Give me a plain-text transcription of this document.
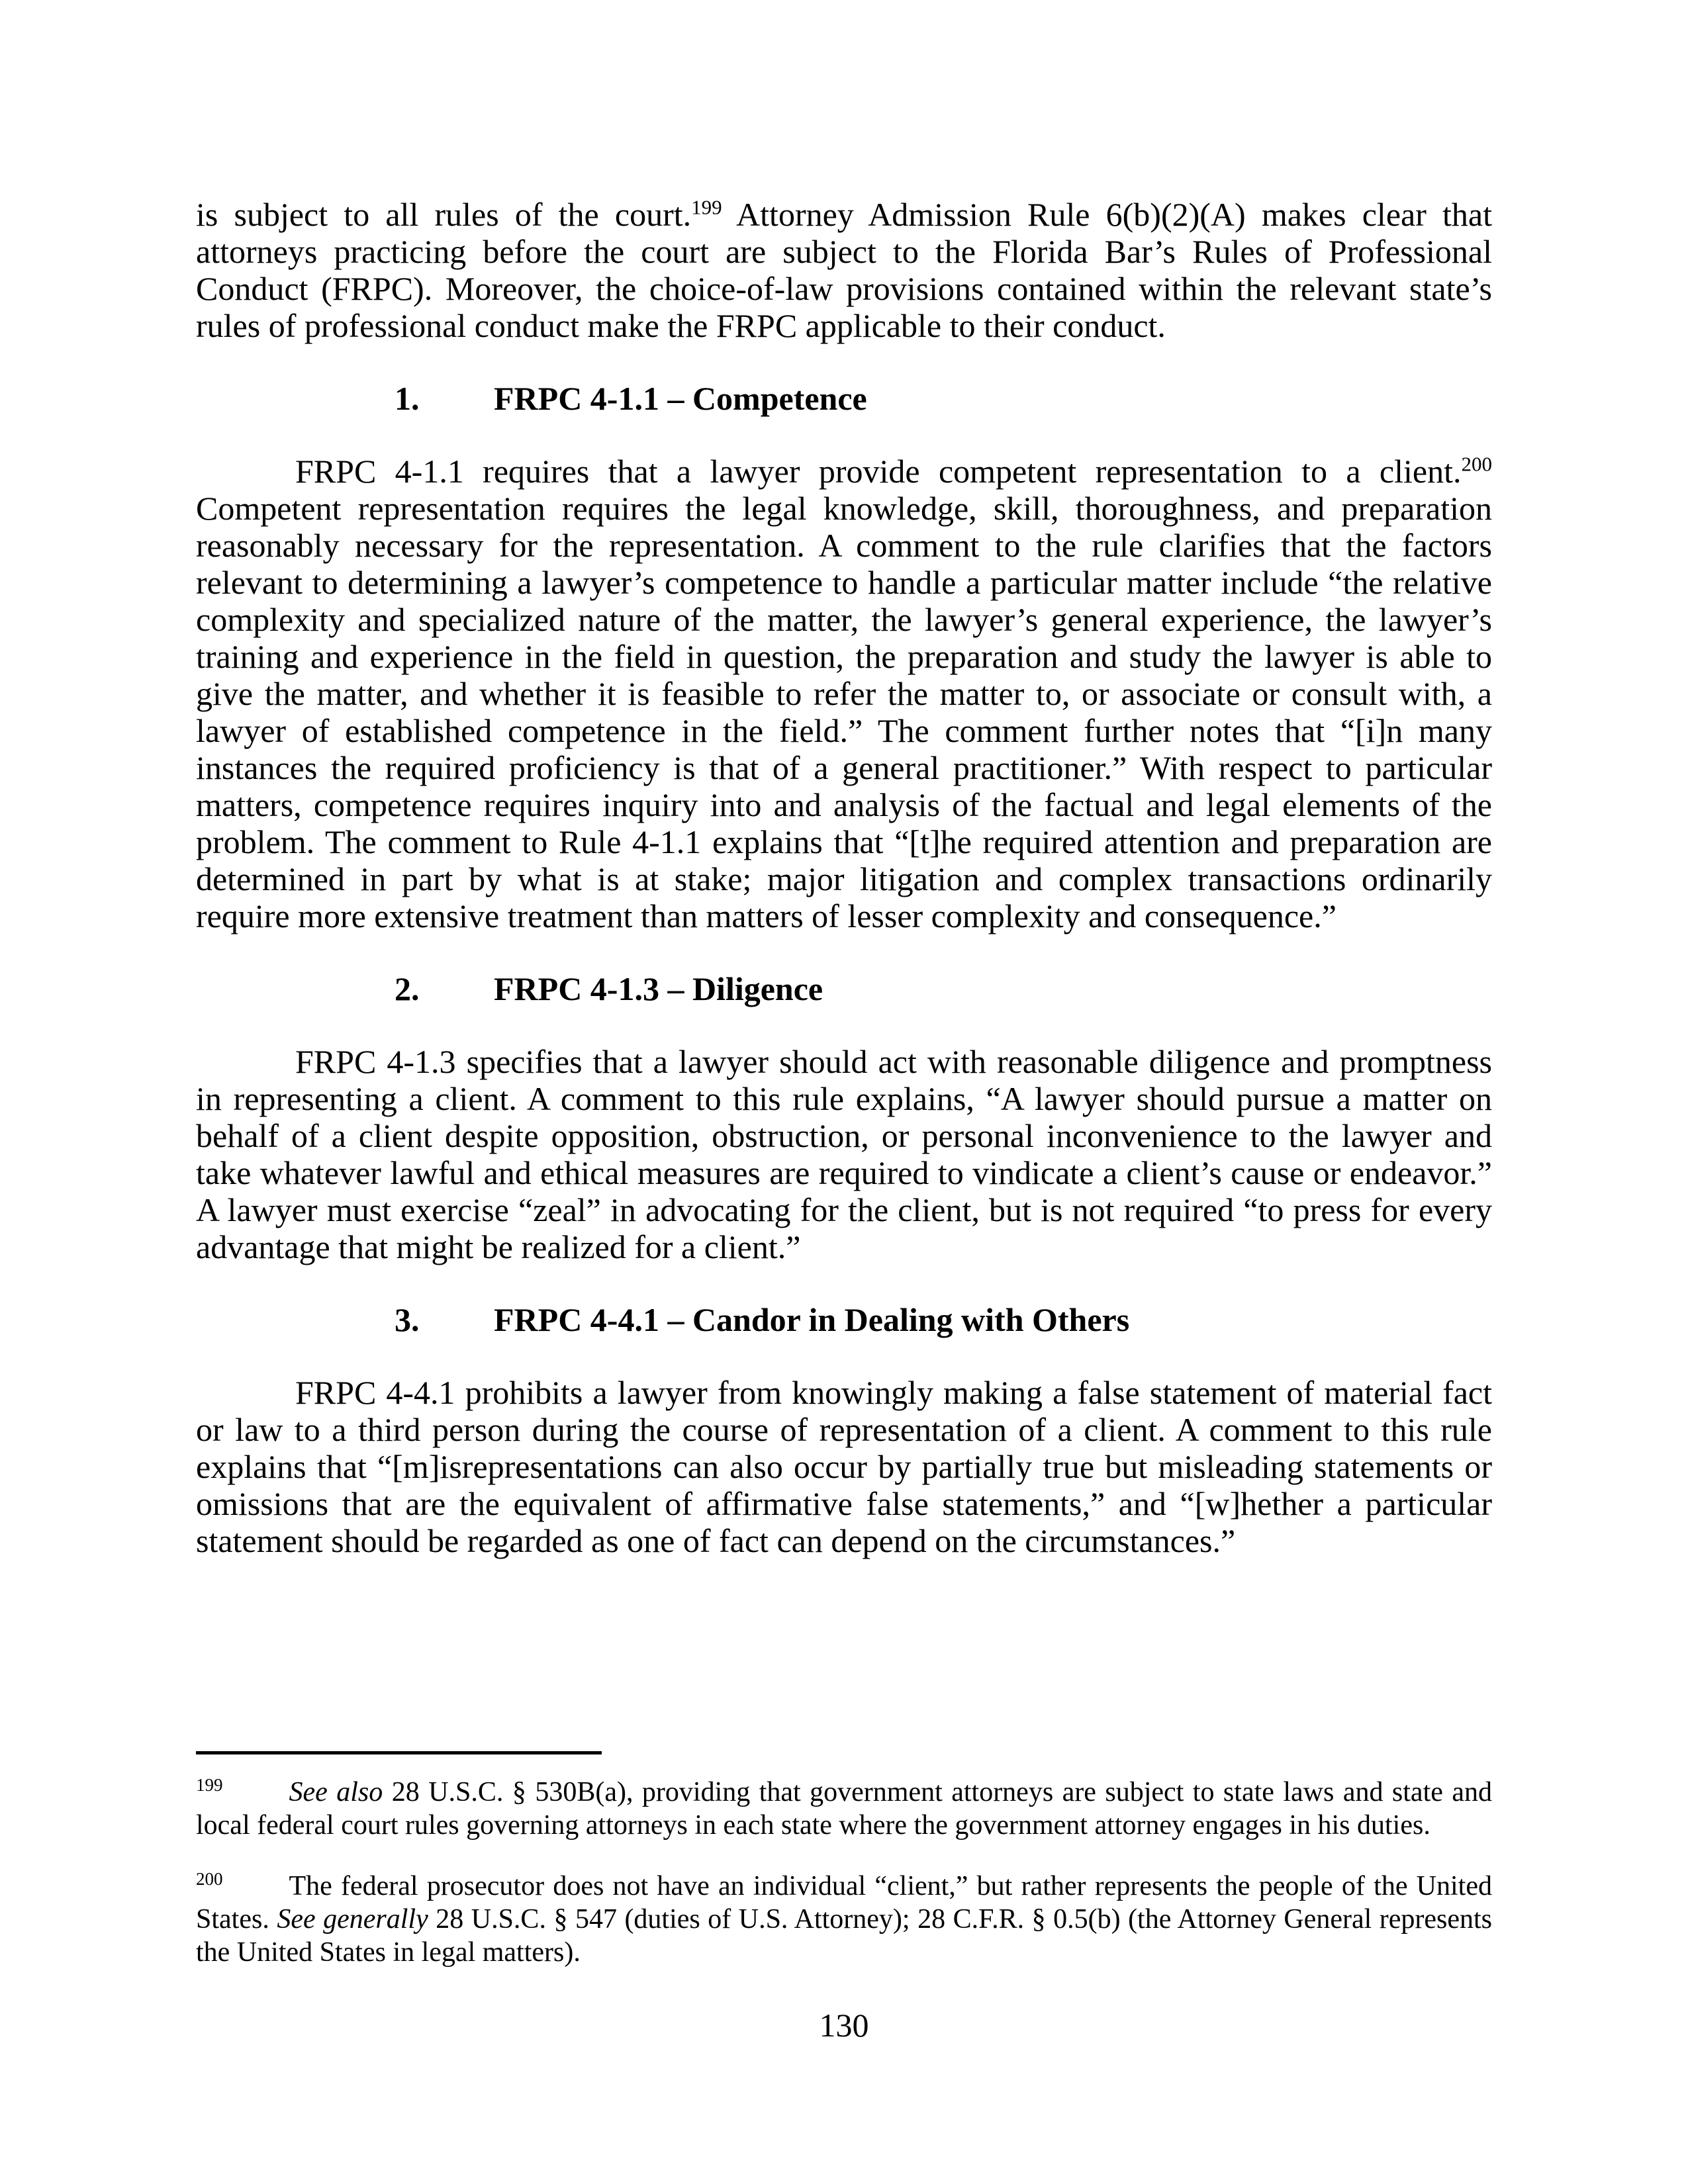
is subject to all rules of the court.$^{199}$ Attorney Admission Rule 6(b)(2)(A) makes clear that attorneys practicing before the court are subject to the Florida Bar’s Rules of Professional Conduct (FRPC). Moreover, the choice-of-law provisions contained within the relevant state’s rules of professional conduct make the FRPC applicable to their conduct.

1. FRPC 4-1.1 – Competence

FRPC 4-1.1 requires that a lawyer provide competent representation to a client.$^{200}$ Competent representation requires the legal knowledge, skill, thoroughness, and preparation reasonably necessary for the representation. A comment to the rule clarifies that the factors relevant to determining a lawyer’s competence to handle a particular matter include “the relative complexity and specialized nature of the matter, the lawyer’s general experience, the lawyer’s training and experience in the field in question, the preparation and study the lawyer is able to give the matter, and whether it is feasible to refer the matter to, or associate or consult with, a lawyer of established competence in the field.” The comment further notes that “[i]n many instances the required proficiency is that of a general practitioner.” With respect to particular matters, competence requires inquiry into and analysis of the factual and legal elements of the problem. The comment to Rule 4-1.1 explains that “[t]he required attention and preparation are determined in part by what is at stake; major litigation and complex transactions ordinarily require more extensive treatment than matters of lesser complexity and consequence.”

2. FRPC 4-1.3 – Diligence

FRPC 4-1.3 specifies that a lawyer should act with reasonable diligence and promptness in representing a client. A comment to this rule explains, “A lawyer should pursue a matter on behalf of a client despite opposition, obstruction, or personal inconvenience to the lawyer and take whatever lawful and ethical measures are required to vindicate a client’s cause or endeavor.” A lawyer must exercise “zeal” in advocating for the client, but is not required “to press for every advantage that might be realized for a client.”

3. FRPC 4-4.1 – Candor in Dealing with Others

FRPC 4-4.1 prohibits a lawyer from knowingly making a false statement of material fact or law to a third person during the course of representation of a client. A comment to this rule explains that “[m]isrepresentations can also occur by partially true but misleading statements or omissions that are the equivalent of affirmative false statements,” and “[w]hether a particular statement should be regarded as one of fact can depend on the circumstances.”

$^{199}$ See also 28 U.S.C. § 530B(a), providing that government attorneys are subject to state laws and state and local federal court rules governing attorneys in each state where the government attorney engages in his duties.

$^{200}$ The federal prosecutor does not have an individual “client,” but rather represents the people of the United States. See generally 28 U.S.C. § 547 (duties of U.S. Attorney); 28 C.F.R. § 0.5(b) (the Attorney General represents the United States in legal matters).

130
